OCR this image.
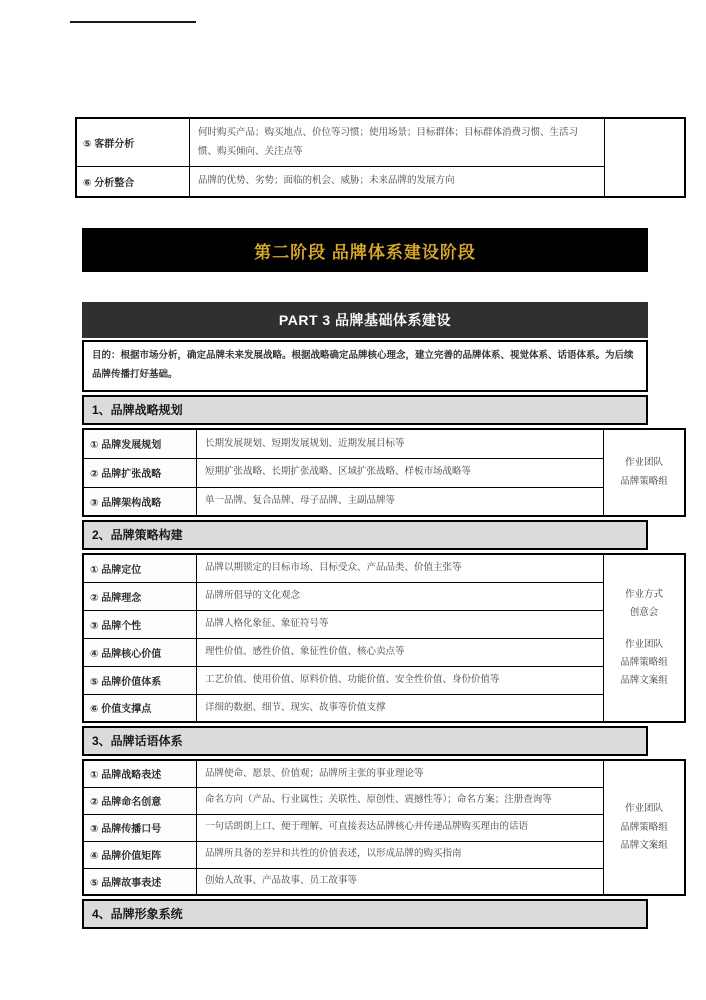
⑤ 客群分析	何时购买产品；购买地点、价位等习惯；使用场景；目标群体；目标群体消费习惯、生活习惯、购买倾向、关注点等	
⑥ 分析整合	品牌的优势、劣势；面临的机会、威胁；未来品牌的发展方向	
第二阶段 品牌体系建设阶段
PART 3 品牌基础体系建设
目的：根据市场分析，确定品牌未来发展战略。根据战略确定品牌核心理念，建立完善的品牌体系、视觉体系、话语体系。为后续品牌传播打好基础。
1、品牌战略规划
① 品牌发展规划	长期发展规划、短期发展规划、近期发展目标等	作业团队
品牌策略组

② 品牌扩张战略	短期扩张战略、长期扩张战略、区域扩张战略、样板市场战略等	
③ 品牌架构战略	单一品牌、复合品牌、母子品牌、主副品牌等	
2、品牌策略构建
① 品牌定位	品牌以期锁定的目标市场、目标受众、产品品类、价值主张等	作业方式
创意会
作业团队
品牌策略组
品牌文案组

② 品牌理念	品牌所倡导的文化观念	
③ 品牌个性	品牌人格化象征、象征符号等	
④ 品牌核心价值	理性价值、感性价值、象征性价值、核心卖点等	
⑤ 品牌价值体系	工艺价值、使用价值、原料价值、功能价值、安全性价值、身份价值等	
⑥ 价值支撑点	详细的数据、细节、现实、故事等价值支撑	
3、品牌话语体系
① 品牌战略表述	品牌使命、愿景、价值观；品牌所主张的事业理论等	作业团队
品牌策略组
品牌文案组

② 品牌命名创意	命名方向（产品、行业属性；关联性、原创性、震撼性等）；命名方案；注册查询等	
③ 品牌传播口号	一句话朗朗上口、便于理解、可直接表达品牌核心并传递品牌购买理由的话语	
④ 品牌价值矩阵	品牌所具备的差异和共性的价值表述，以形成品牌的购买指南	
⑤ 品牌故事表述	创始人故事、产品故事、员工故事等	
4、品牌形象系统
